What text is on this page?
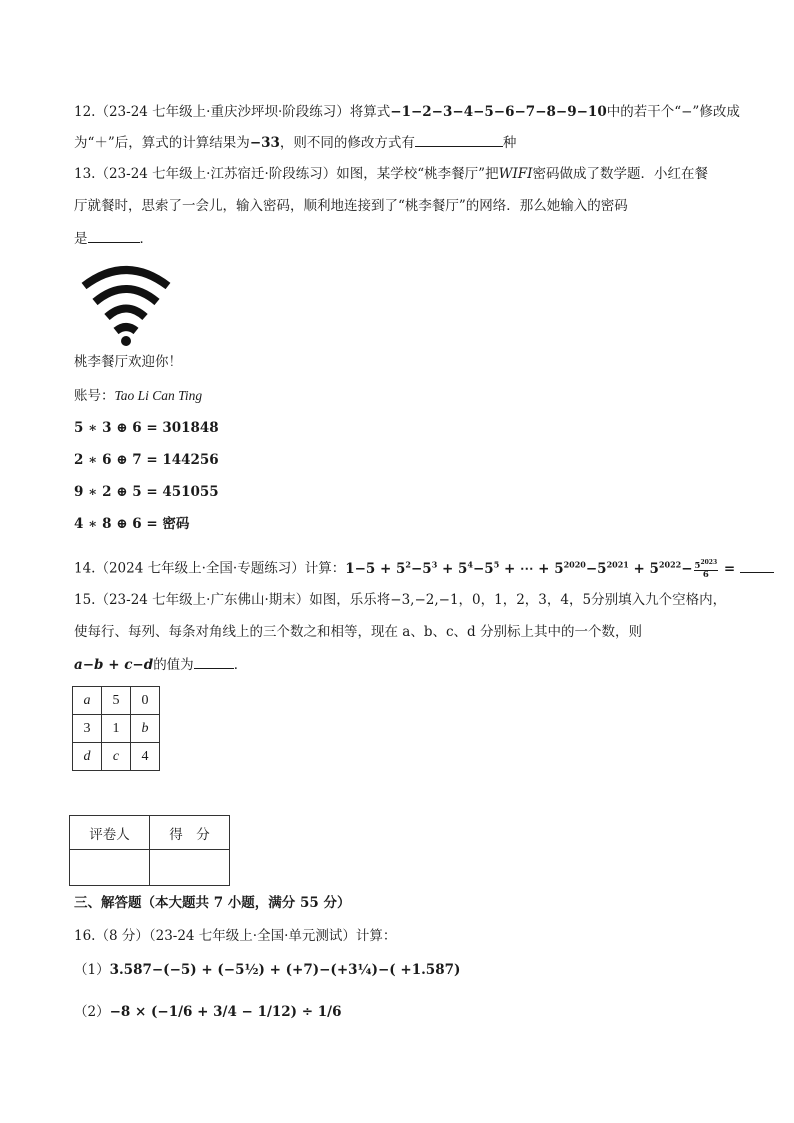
12.（23-24 七年级上·重庆沙坪坝·阶段练习）将算式−1−2−3−4−5−6−7−8−9−10中的若干个“−”修改成
为“＋”后，算式的计算结果为−33，则不同的修改方式有	种
13.（23-24 七年级上·江苏宿迁·阶段练习）如图，某学校“桃李餐厅”把WIFI密码做成了数学题．小红在餐
厅就餐时，思索了一会儿，输入密码，顺利地连接到了“桃李餐厅”的网络．那么她输入的密码
是	．
桃李餐厅欢迎你！
账号：Tao Li Can Ting
5 ∗ 3 ⊕ 6 = 301848
2 ∗ 6 ⊕ 7 = 144256
9 ∗ 2 ⊕ 5 = 451055
4 ∗ 8 ⊕ 6 = 密码
14.（2024 七年级上·全国·专题练习）计算：$1-5 + 5^2-5^3 + 5^4-5^5$ + ⋯ + $5^{2020}-5^{2021} + 5^{2022}- \frac{5^{2023}}{6}$ =
15.（23-24 七年级上·广东佛山·期末）如图，乐乐将−3,−2,−1，0，1，2，3，4，5分别填入九个空格内，
使每行、每列、每条对角线上的三个数之和相等，现在 a、b、c、d 分别标上其中的一个数，则
a−b + c−d的值为	．
a	5	0
3	1	b
d	c	4
评卷人	得　分

三、解答题（本大题共 7 小题，满分 55 分）
16.（8 分）（23-24 七年级上·全国·单元测试）计算：
（1）3.587−(−5) + (−5½) + (+7)−(+3¼)−( +1.587)
（2）−8 × (−1/6 + 3/4 − 1/12) ÷ 1/6
